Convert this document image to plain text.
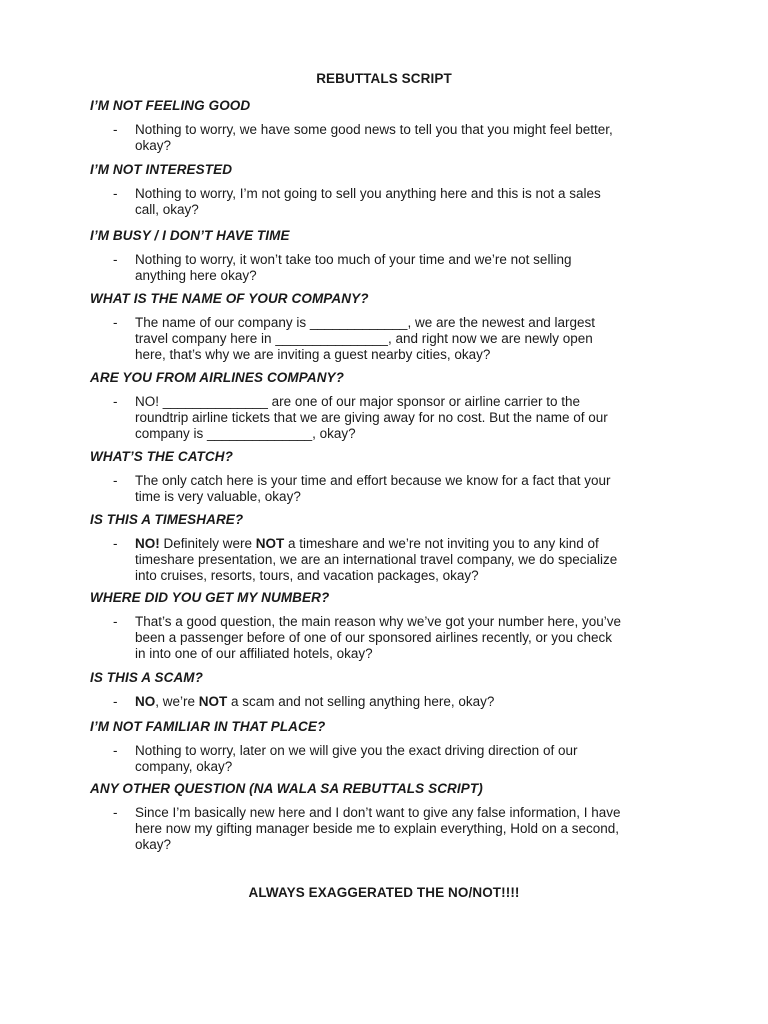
REBUTTALS SCRIPT
I’M NOT FEELING GOOD
- Nothing to worry, we have some good news to tell you that you might feel better,
okay?
I’M NOT INTERESTED
- Nothing to worry, I’m not going to sell you anything here and this is not a sales
call, okay?
I’M BUSY / I DON’T HAVE TIME
- Nothing to worry, it won’t take too much of your time and we’re not selling
anything here okay?
WHAT IS THE NAME OF YOUR COMPANY?
- The name of our company is _____________, we are the newest and largest
travel company here in _______________, and right now we are newly open
here, that’s why we are inviting a guest nearby cities, okay?
ARE YOU FROM AIRLINES COMPANY?
- NO! ______________ are one of our major sponsor or airline carrier to the
roundtrip airline tickets that we are giving away for no cost. But the name of our
company is ______________, okay?
WHAT’S THE CATCH?
- The only catch here is your time and effort because we know for a fact that your
time is very valuable, okay?
IS THIS A TIMESHARE?
- NO! Definitely were NOT a timeshare and we’re not inviting you to any kind of
timeshare presentation, we are an international travel company, we do specialize
into cruises, resorts, tours, and vacation packages, okay?
WHERE DID YOU GET MY NUMBER?
- That’s a good question, the main reason why we’ve got your number here, you’ve
been a passenger before of one of our sponsored airlines recently, or you check
in into one of our affiliated hotels, okay?
IS THIS A SCAM?
- NO, we’re NOT a scam and not selling anything here, okay?
I’M NOT FAMILIAR IN THAT PLACE?
- Nothing to worry, later on we will give you the exact driving direction of our
company, okay?
ANY OTHER QUESTION (NA WALA SA REBUTTALS SCRIPT)
- Since I’m basically new here and I don’t want to give any false information, I have
here now my gifting manager beside me to explain everything, Hold on a second,
okay?
ALWAYS EXAGGERATED THE NO/NOT!!!!
